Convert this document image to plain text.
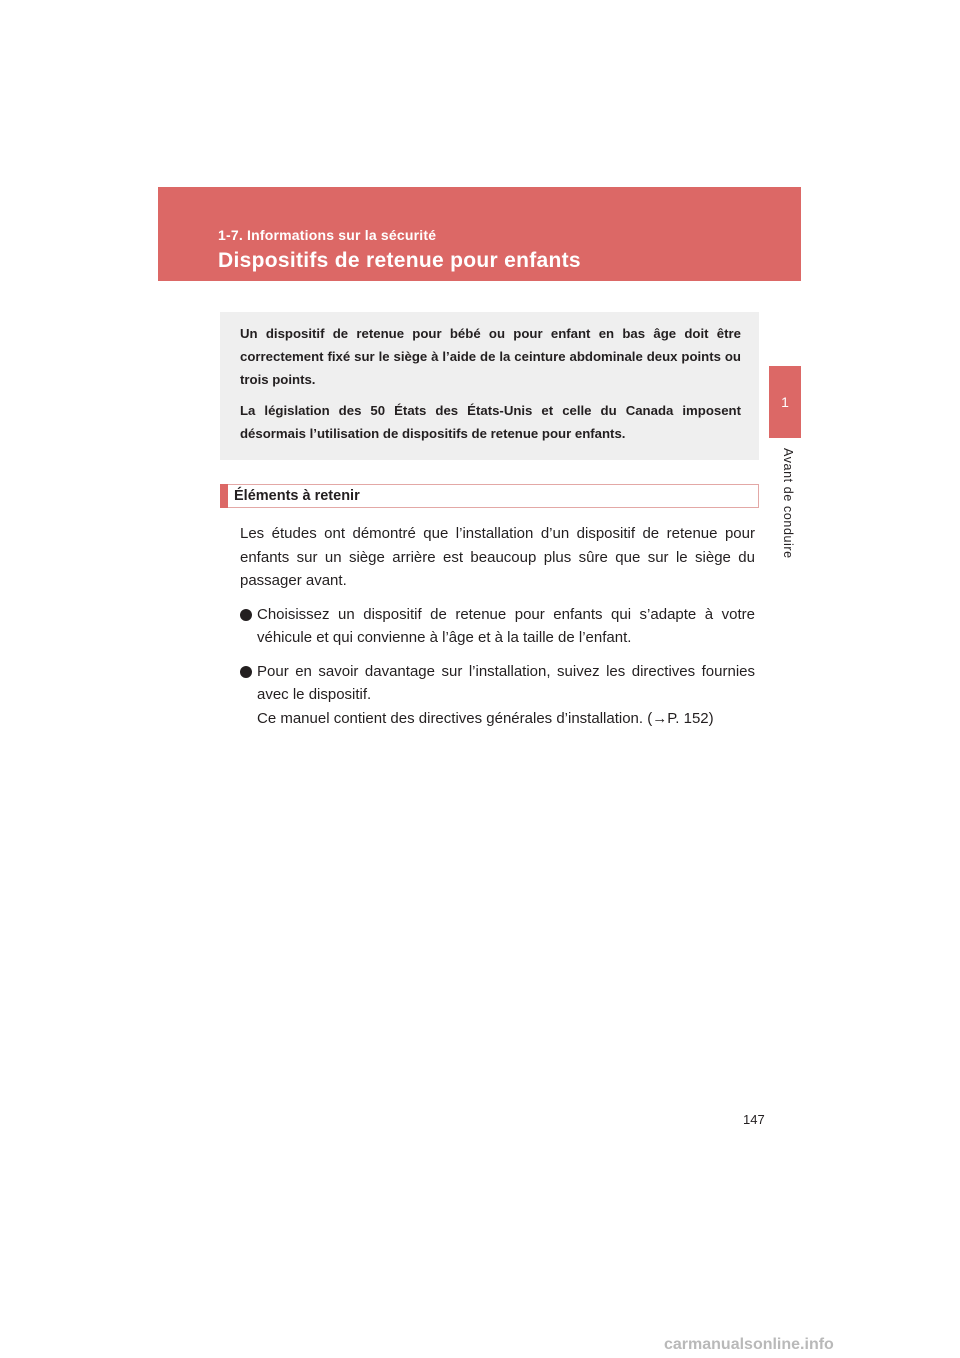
1-7. Informations sur la sécurité
Dispositifs de retenue pour enfants
1
Avant de conduire

Un dispositif de retenue pour bébé ou pour enfant en bas âge doit être correctement fixé sur le siège à l’aide de la ceinture abdominale deux points ou trois points.

La législation des 50 États des États-Unis et celle du Canada imposent désormais l’utilisation de dispositifs de retenue pour enfants.

Éléments à retenir

Les études ont démontré que l’installation d’un dispositif de retenue pour enfants sur un siège arrière est beaucoup plus sûre que sur le siège du passager avant.

Choisissez un dispositif de retenue pour enfants qui s’adapte à votre véhicule et qui convienne à l’âge et à la taille de l’enfant.
Pour en savoir davantage sur l’installation, suivez les directives fournies avec le dispositif.
Ce manuel contient des directives générales d’installation. (→P. 152)
147
carmanualsonline.info
